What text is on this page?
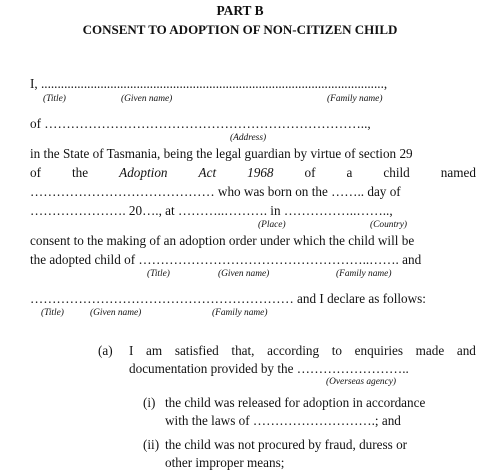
PART B
CONSENT TO ADOPTION OF NON-CITIZEN CHILD
I, ........................................................................................................,
(Title)	(Given name)	(Family name)
of ………………………………………………………………..,
(Address)
in the State of Tasmania, being the legal guardian by virtue of section 29
of the Adoption Act 1968 of a child named
…………………………………… who was born on the …….. day of
…………………. 20…., at ………..………. in ……………..……..,
(Place)	(Country)
consent to the making of an adoption order under which the child will be
the adopted child of ……………………………………………..……. and
(Title)	(Given name)	(Family name)
…………………………………………………… and I declare as follows:
(Title)	(Given name)	(Family name)
(a) I am satisfied that, according to enquiries made and
documentation provided by the ……………………..
(Overseas agency)
(i) the child was released for adoption in accordance
with the laws of ……………………….; and
(ii) the child was not procured by fraud, duress or
other improper means;
